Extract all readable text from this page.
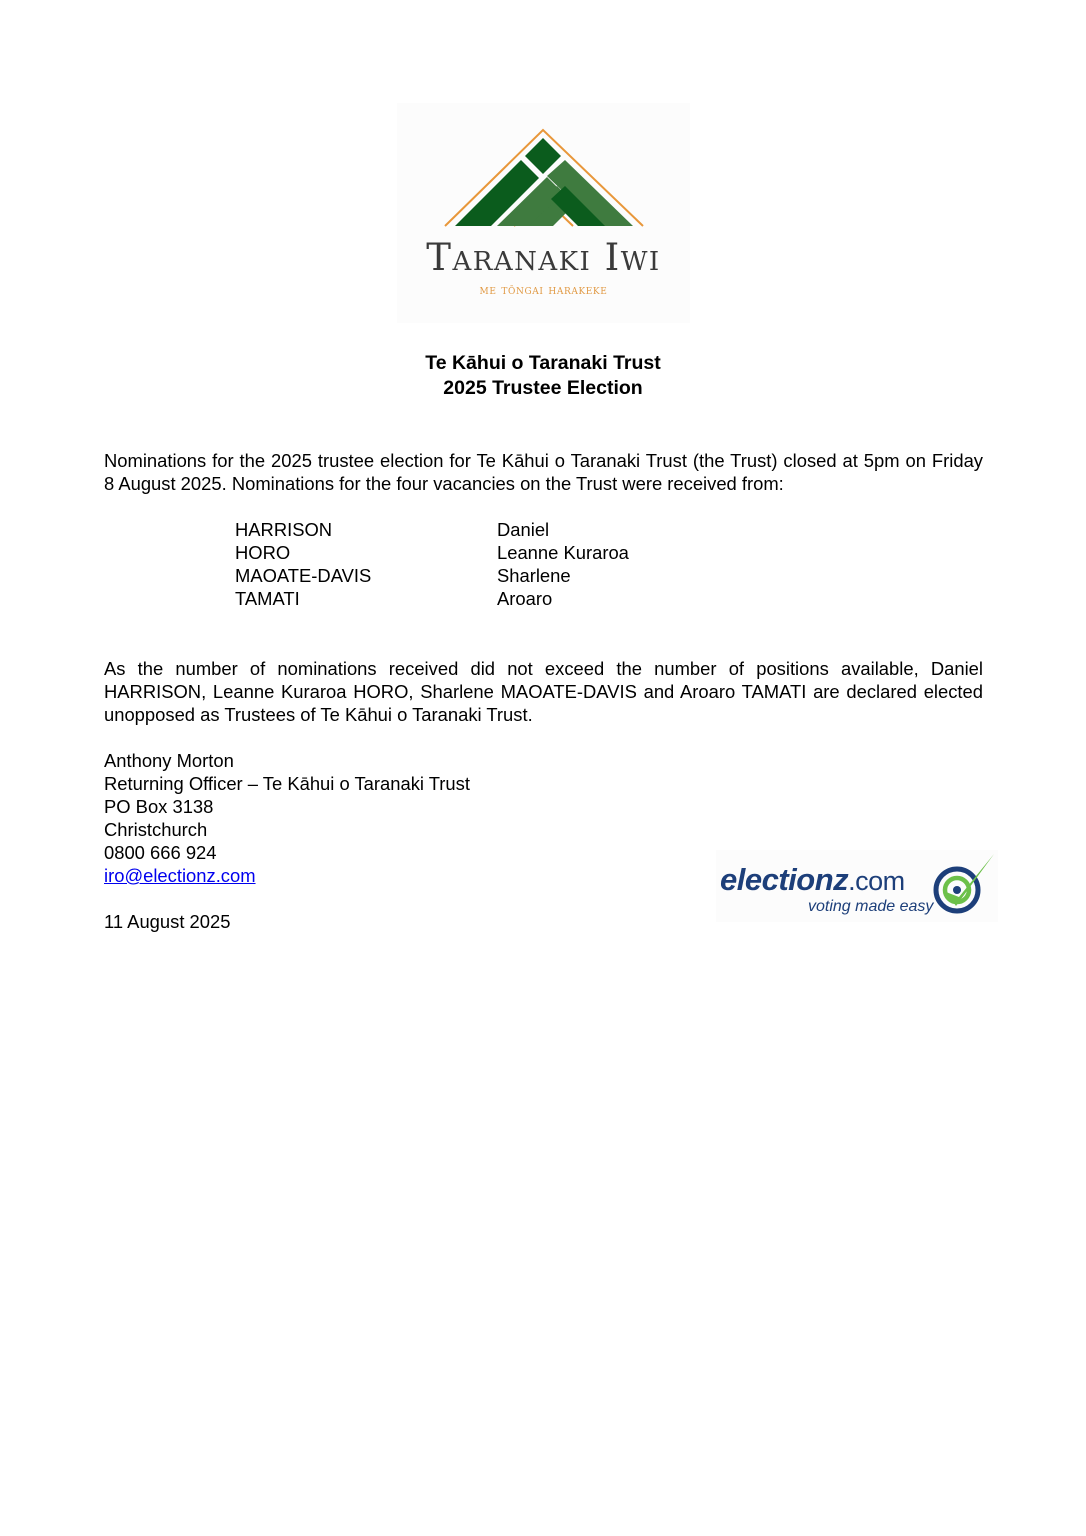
Taranaki Iwi
me tōngai harakeke
Te Kāhui o Taranaki Trust
2025 Trustee Election

Nominations for the 2025 trustee election for Te Kāhui o Taranaki Trust (the Trust) closed at 5pm on Friday 8 August 2025. Nominations for the four vacancies on the Trust were received from:

HARRISON	Daniel
HORO	Leanne Kuraroa
MAOATE-DAVIS	Sharlene
TAMATI	Aroaro

As the number of nominations received did not exceed the number of positions available, Daniel HARRISON, Leanne Kuraroa HORO, Sharlene MAOATE-DAVIS and Aroaro TAMATI are declared elected unopposed as Trustees of Te Kāhui o Taranaki Trust.

Anthony Morton
Returning Officer – Te Kāhui o Taranaki Trust
PO Box 3138
Christchurch
0800 666 924
iro@electionz.com
11 August 2025
electionz.com
voting made easy
